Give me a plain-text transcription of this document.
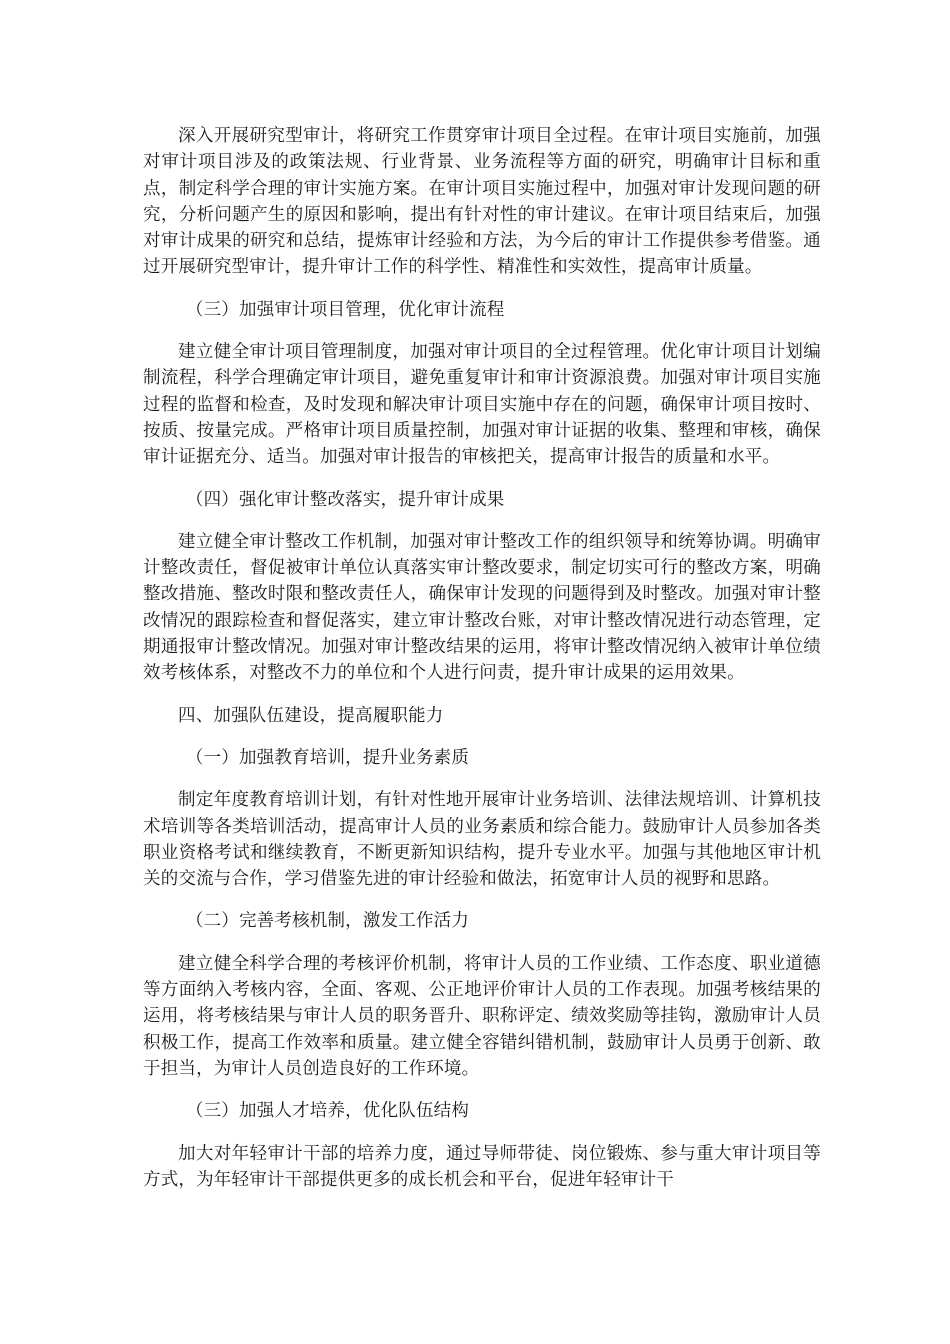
深入开展研究型审计，将研究工作贯穿审计项目全过程。在审计项目实施前，加强对审计项目涉及的政策法规、行业背景、业务流程等方面的研究，明确审计目标和重点，制定科学合理的审计实施方案。在审计项目实施过程中，加强对审计发现问题的研究，分析问题产生的原因和影响，提出有针对性的审计建议。在审计项目结束后，加强对审计成果的研究和总结，提炼审计经验和方法，为今后的审计工作提供参考借鉴。通过开展研究型审计，提升审计工作的科学性、精准性和实效性，提高审计质量。

（三）加强审计项目管理，优化审计流程

建立健全审计项目管理制度，加强对审计项目的全过程管理。优化审计项目计划编制流程，科学合理确定审计项目，避免重复审计和审计资源浪费。加强对审计项目实施过程的监督和检查，及时发现和解决审计项目实施中存在的问题，确保审计项目按时、按质、按量完成。严格审计项目质量控制，加强对审计证据的收集、整理和审核，确保审计证据充分、适当。加强对审计报告的审核把关，提高审计报告的质量和水平。

（四）强化审计整改落实，提升审计成果

建立健全审计整改工作机制，加强对审计整改工作的组织领导和统筹协调。明确审计整改责任，督促被审计单位认真落实审计整改要求，制定切实可行的整改方案，明确整改措施、整改时限和整改责任人，确保审计发现的问题得到及时整改。加强对审计整改情况的跟踪检查和督促落实，建立审计整改台账，对审计整改情况进行动态管理，定期通报审计整改情况。加强对审计整改结果的运用，将审计整改情况纳入被审计单位绩效考核体系，对整改不力的单位和个人进行问责，提升审计成果的运用效果。

四、加强队伍建设，提高履职能力

（一）加强教育培训，提升业务素质

制定年度教育培训计划，有针对性地开展审计业务培训、法律法规培训、计算机技术培训等各类培训活动，提高审计人员的业务素质和综合能力。鼓励审计人员参加各类职业资格考试和继续教育，不断更新知识结构，提升专业水平。加强与其他地区审计机关的交流与合作，学习借鉴先进的审计经验和做法，拓宽审计人员的视野和思路。

（二）完善考核机制，激发工作活力

建立健全科学合理的考核评价机制，将审计人员的工作业绩、工作态度、职业道德等方面纳入考核内容，全面、客观、公正地评价审计人员的工作表现。加强考核结果的运用，将考核结果与审计人员的职务晋升、职称评定、绩效奖励等挂钩，激励审计人员积极工作，提高工作效率和质量。建立健全容错纠错机制，鼓励审计人员勇于创新、敢于担当，为审计人员创造良好的工作环境。

（三）加强人才培养，优化队伍结构

加大对年轻审计干部的培养力度，通过导师带徒、岗位锻炼、参与重大审计项目等方式，为年轻审计干部提供更多的成长机会和平台，促进年轻审计干
